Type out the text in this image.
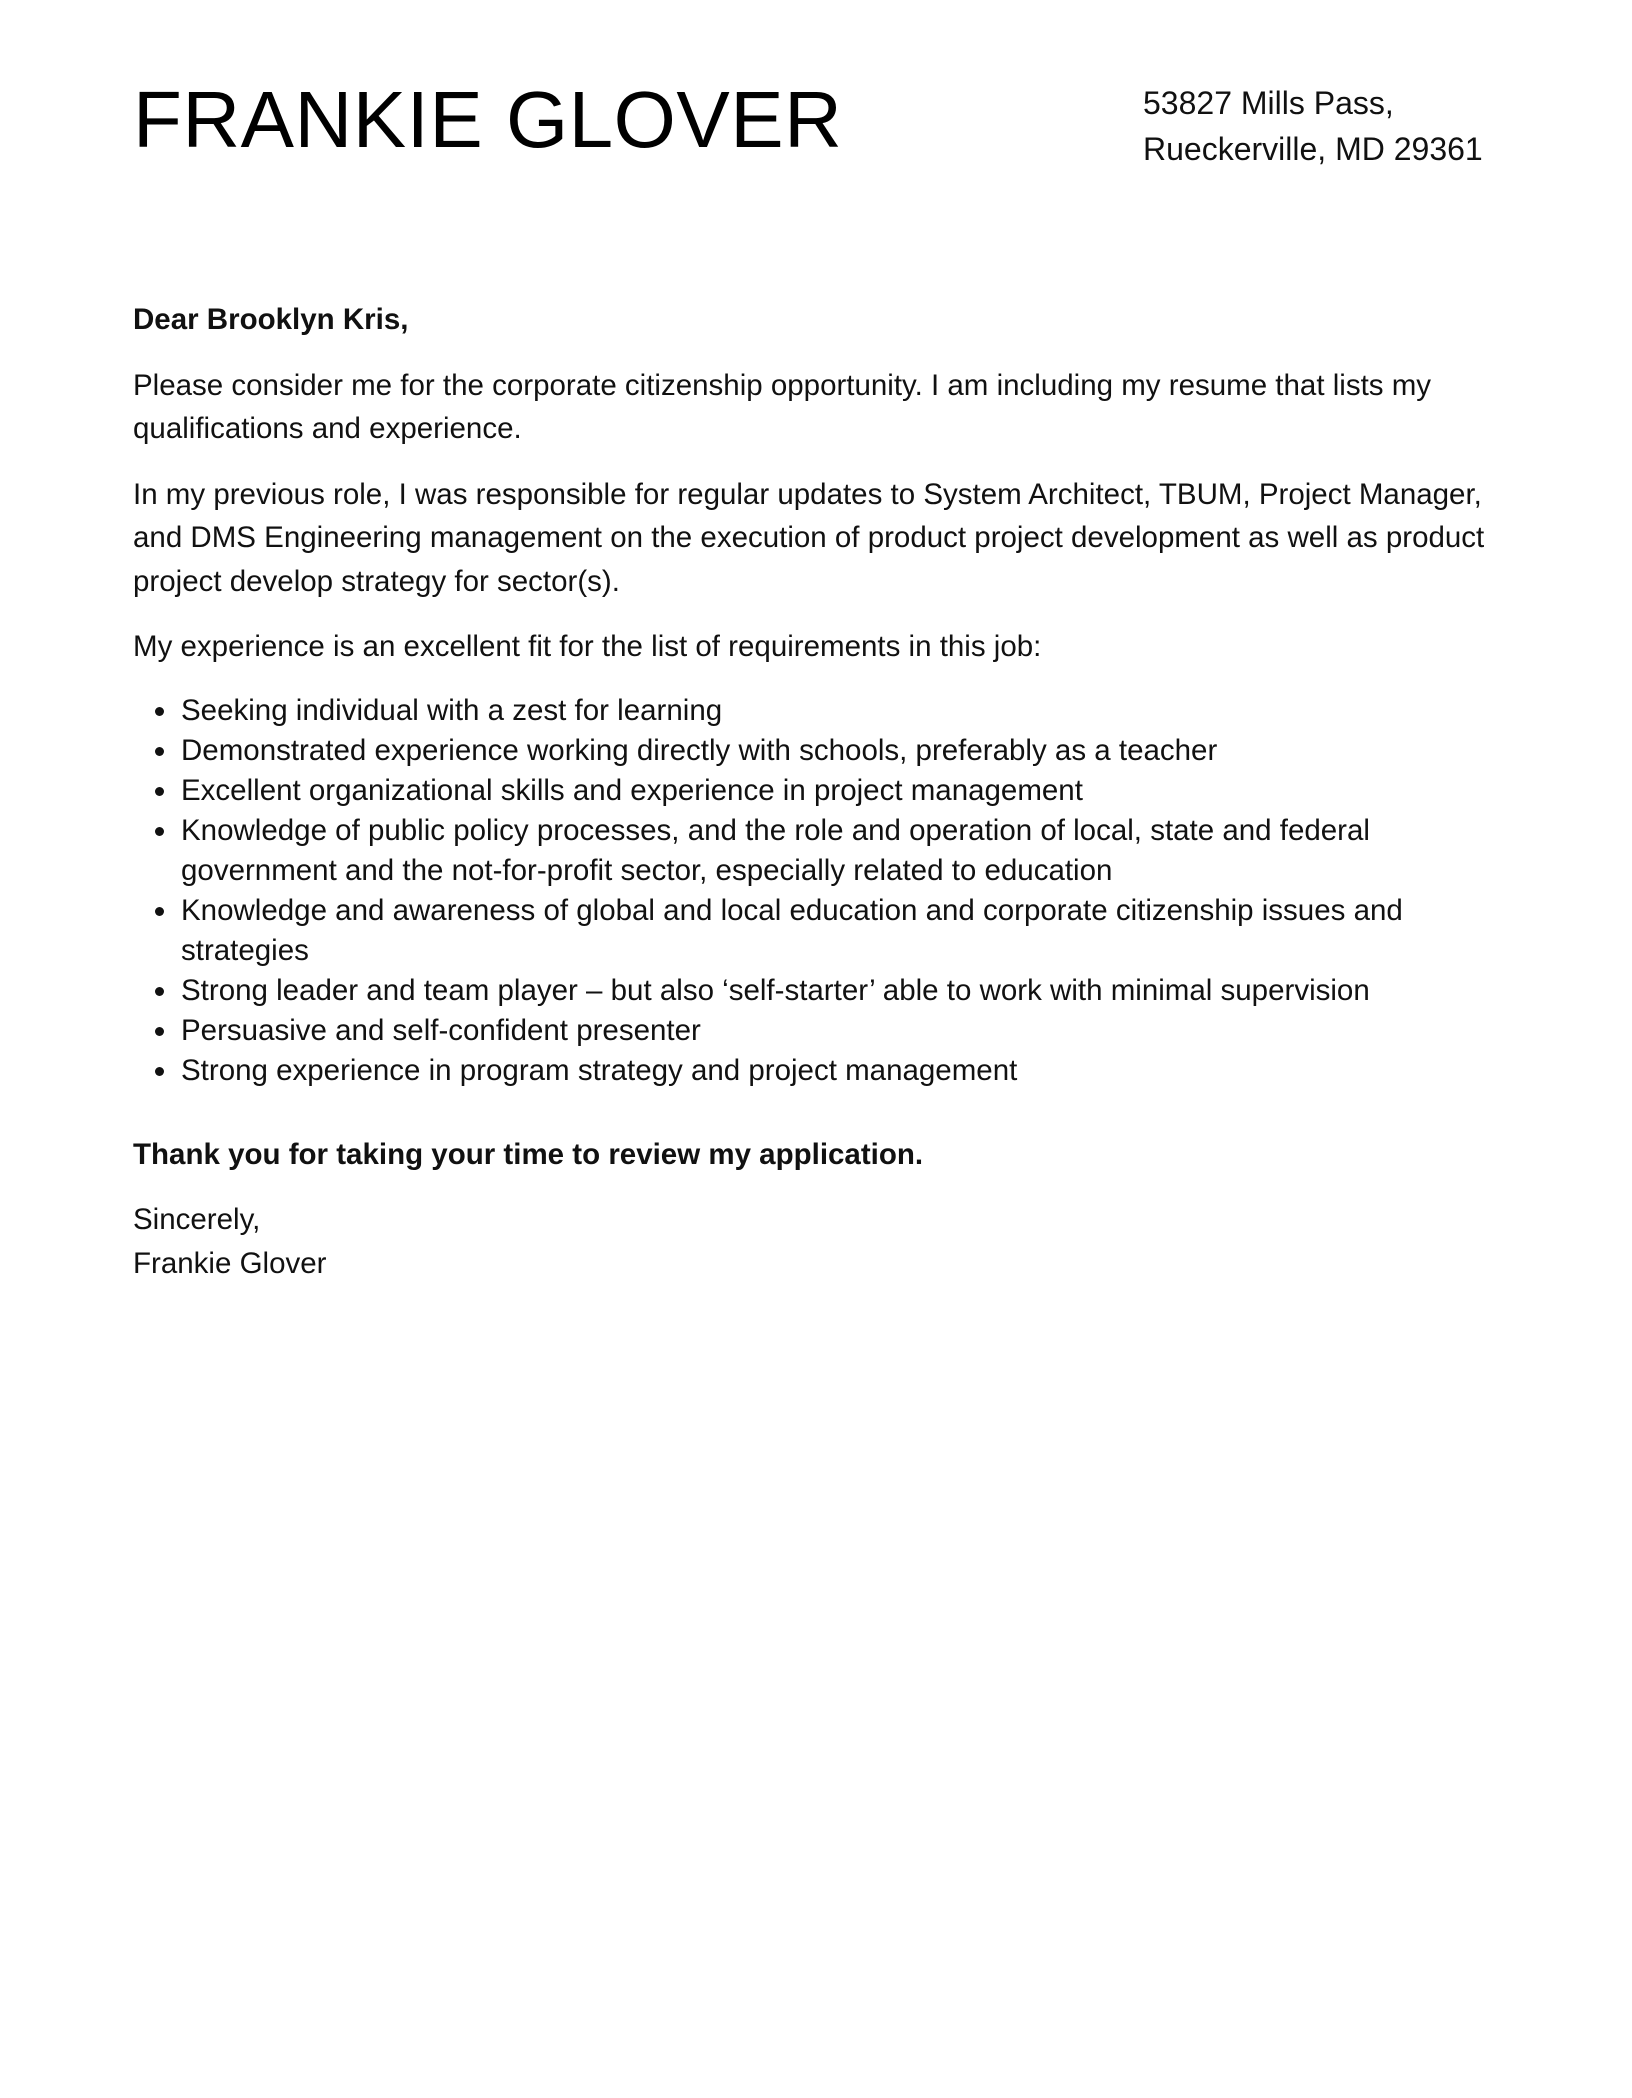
FRANKIE GLOVER	53827 Mills Pass,
Rueckerville, MD 29361

Dear Brooklyn Kris,

Please consider me for the corporate citizenship opportunity. I am including my resume that lists my qualifications and experience.

In my previous role, I was responsible for regular updates to System Architect, TBUM, Project Manager, and DMS Engineering management on the execution of product project development as well as product project develop strategy for sector(s).

My experience is an excellent fit for the list of requirements in this job:

Seeking individual with a zest for learning
Demonstrated experience working directly with schools, preferably as a teacher
Excellent organizational skills and experience in project management
Knowledge of public policy processes, and the role and operation of local, state and federal government and the not-for-profit sector, especially related to education
Knowledge and awareness of global and local education and corporate citizenship issues and strategies
Strong leader and team player – but also ‘self-starter’ able to work with minimal supervision
Persuasive and self-confident presenter
Strong experience in program strategy and project management

Thank you for taking your time to review my application.

Sincerely,
Frankie Glover
